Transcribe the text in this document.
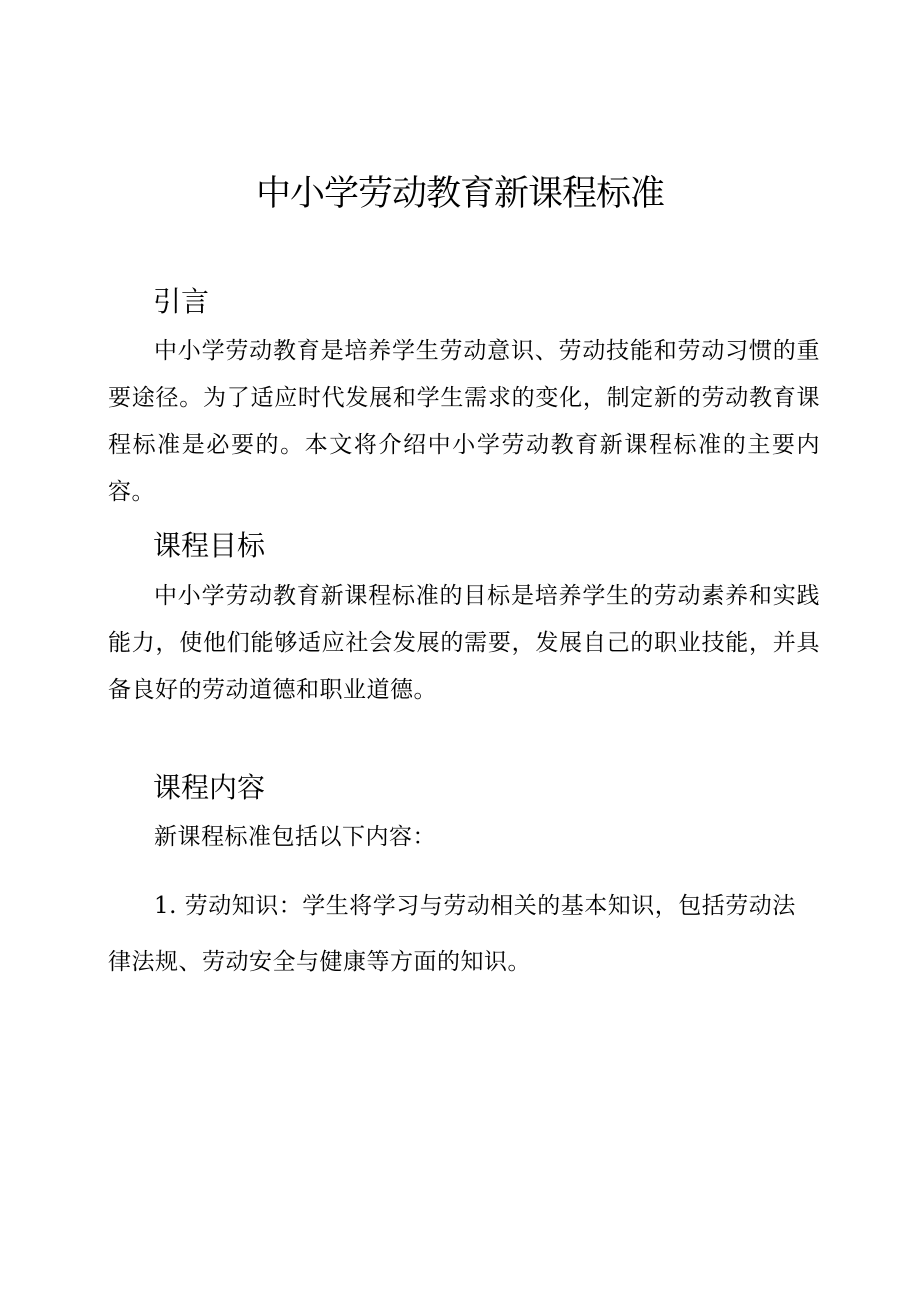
中小学劳动教育新课程标准
引言

中小学劳动教育是培养学生劳动意识、劳动技能和劳动习惯的重要途径。为了适应时代发展和学生需求的变化，制定新的劳动教育课程标准是必要的。本文将介绍中小学劳动教育新课程标准的主要内容。

课程目标

中小学劳动教育新课程标准的目标是培养学生的劳动素养和实践能力，使他们能够适应社会发展的需要，发展自己的职业技能，并具备良好的劳动道德和职业道德。

课程内容

新课程标准包括以下内容：

1. 劳动知识：学生将学习与劳动相关的基本知识，包括劳动法律法规、劳动安全与健康等方面的知识。
